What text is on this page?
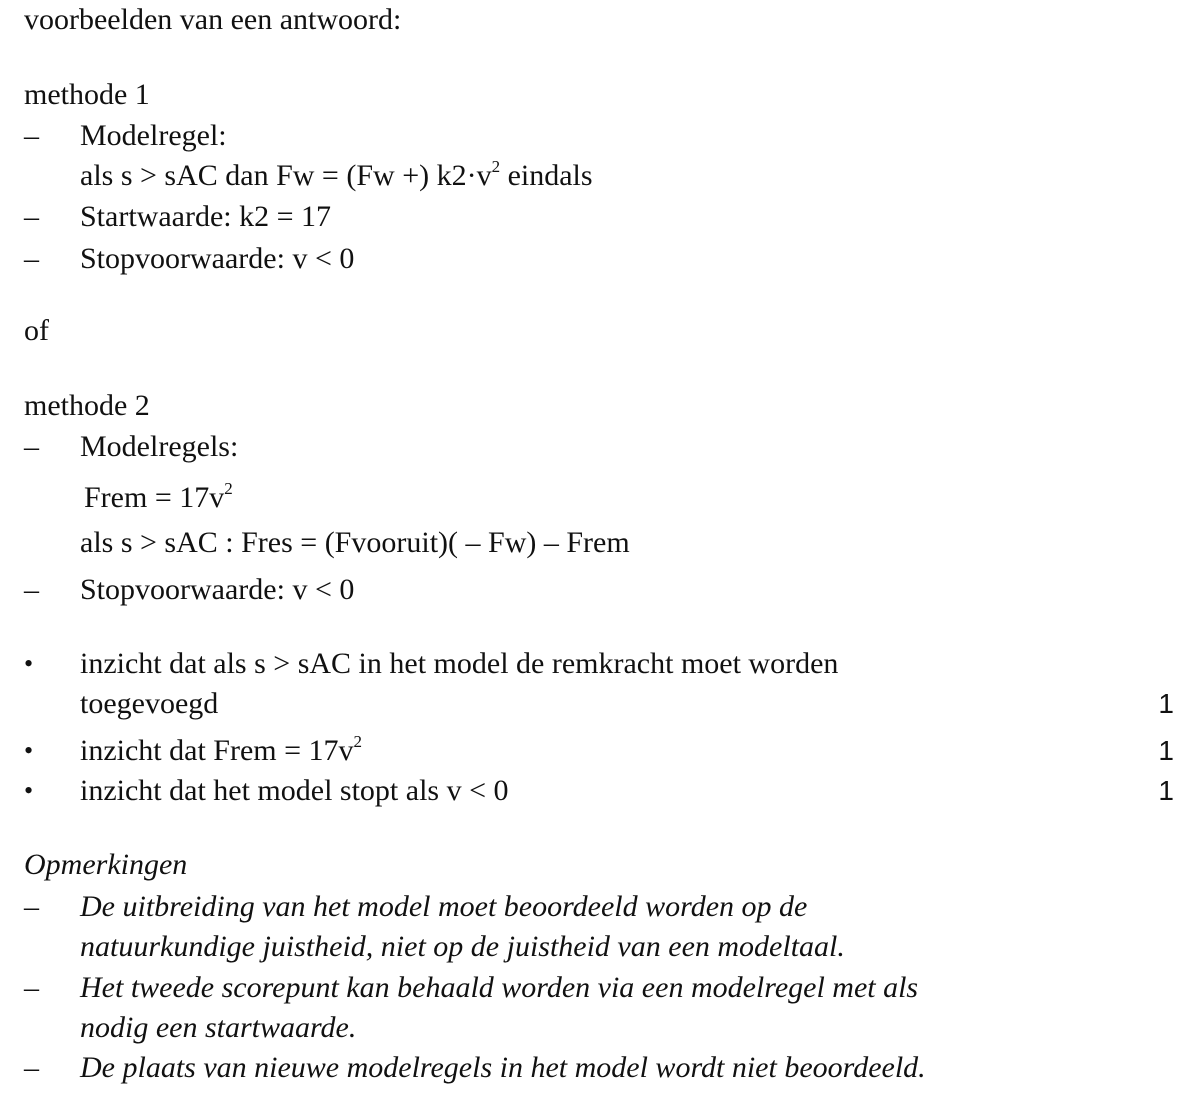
voorbeelden van een antwoord:
methode 1
– Modelregel:
als s > sAC dan Fw = (Fw +) $k2\cdot v^2$ eindals
– Startwaarde: k2 = 17
– Stopvoorwaarde: v < 0
of
methode 2
– Modelregels:
Frem = $17v^2$
als s > sAC : Fres = (Fvooruit)( – Fw) – Frem
– Stopvoorwaarde: v < 0
• inzicht dat als s > sAC in het model de remkracht moet worden
toegevoegd	1
• inzicht dat Frem = $17v^2$	1
• inzicht dat het model stopt als v < 0	1
Opmerkingen
– De uitbreiding van het model moet beoordeeld worden op de
natuurkundige juistheid, niet op de juistheid van een modeltaal.
– Het tweede scorepunt kan behaald worden via een modelregel met als
nodig een startwaarde.
– De plaats van nieuwe modelregels in het model wordt niet beoordeeld.
